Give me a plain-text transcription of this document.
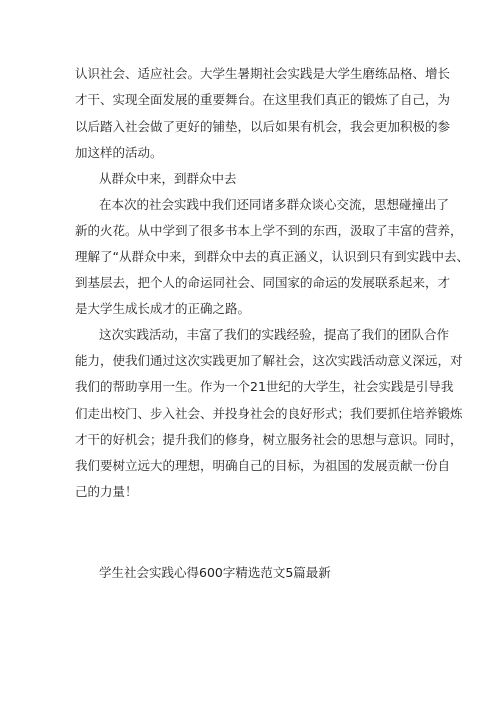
认识社会、适应社会。大学生暑期社会实践是大学生磨练品格、增长
才干、实现全面发展的重要舞台。在这里我们真正的锻炼了自己，为
以后踏入社会做了更好的铺垫，以后如果有机会，我会更加积极的参
加这样的活动。
从群众中来，到群众中去
在本次的社会实践中我们还同诸多群众谈心交流，思想碰撞出了
新的火花。从中学到了很多书本上学不到的东西，汲取了丰富的营养，
理解了“从群众中来，到群众中去的真正涵义，认识到只有到实践中去、
到基层去，把个人的命运同社会、同国家的命运的发展联系起来，才
是大学生成长成才的正确之路。
这次实践活动，丰富了我们的实践经验，提高了我们的团队合作
能力，使我们通过这次实践更加了解社会，这次实践活动意义深远，对
我们的帮助享用一生。作为一个21世纪的大学生，社会实践是引导我
们走出校门、步入社会、并投身社会的良好形式；我们要抓住培养锻炼
才干的好机会；提升我们的修身，树立服务社会的思想与意识。同时，
我们要树立远大的理想，明确自己的目标，为祖国的发展贡献一份自
己的力量！
学生社会实践心得600字精选范文5篇最新
